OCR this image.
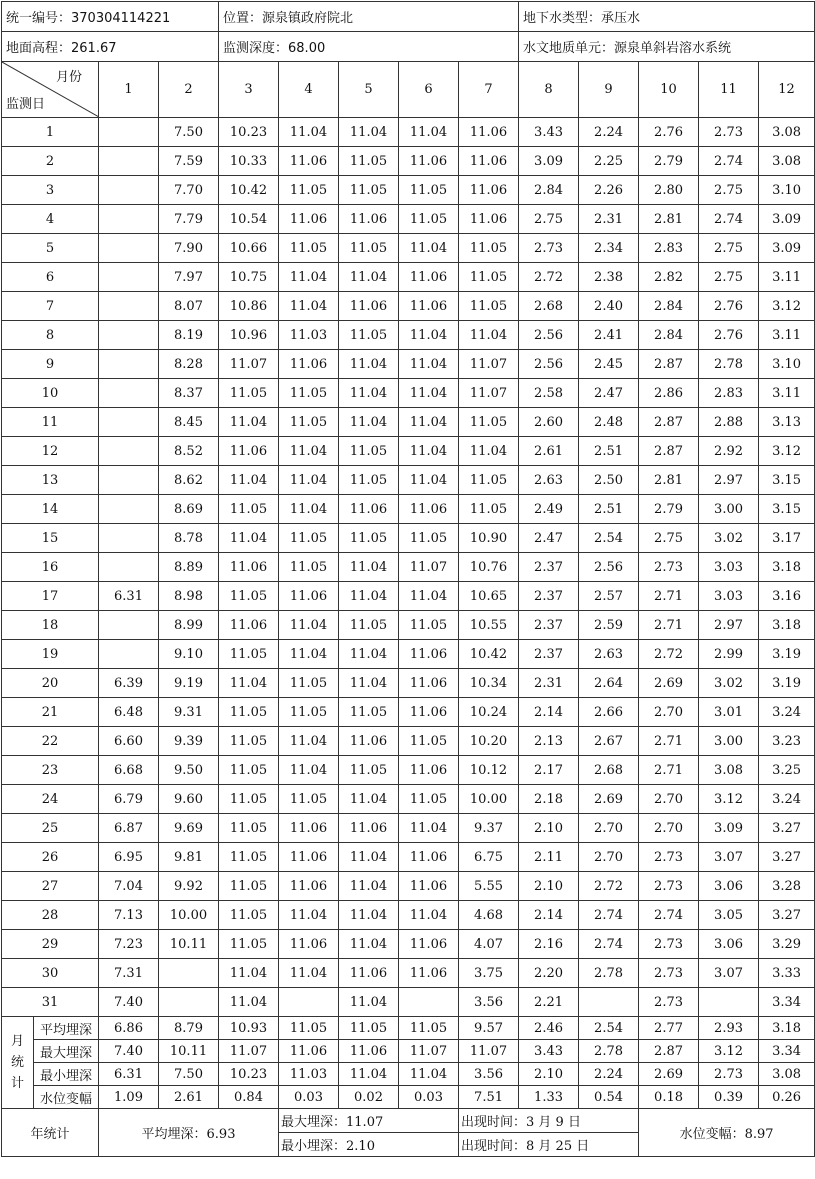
统一编号：370304114221				位置：源泉镇政府院北					地下水类型：承压水				
地面高程：261.67				监测深度：68.00					水文地质单元：源泉单斜岩溶水系统				

月份
监测日		1	2	3	4	5	6	7	8	9	10	11	12
1			7.50	10.23	11.04	11.04	11.04	11.06	3.43	2.24	2.76	2.73	3.08
2			7.59	10.33	11.06	11.05	11.06	11.06	3.09	2.25	2.79	2.74	3.08
3			7.70	10.42	11.05	11.05	11.05	11.06	2.84	2.26	2.80	2.75	3.10
4			7.79	10.54	11.06	11.06	11.05	11.06	2.75	2.31	2.81	2.74	3.09
5			7.90	10.66	11.05	11.05	11.04	11.05	2.73	2.34	2.83	2.75	3.09
6			7.97	10.75	11.04	11.04	11.06	11.05	2.72	2.38	2.82	2.75	3.11
7			8.07	10.86	11.04	11.06	11.06	11.05	2.68	2.40	2.84	2.76	3.12
8			8.19	10.96	11.03	11.05	11.04	11.04	2.56	2.41	2.84	2.76	3.11
9			8.28	11.07	11.06	11.04	11.04	11.07	2.56	2.45	2.87	2.78	3.10
10			8.37	11.05	11.05	11.04	11.04	11.07	2.58	2.47	2.86	2.83	3.11
11			8.45	11.04	11.05	11.04	11.04	11.05	2.60	2.48	2.87	2.88	3.13
12			8.52	11.06	11.04	11.05	11.04	11.04	2.61	2.51	2.87	2.92	3.12
13			8.62	11.04	11.04	11.05	11.04	11.05	2.63	2.50	2.81	2.97	3.15
14			8.69	11.05	11.04	11.06	11.06	11.05	2.49	2.51	2.79	3.00	3.15
15			8.78	11.04	11.05	11.05	11.05	10.90	2.47	2.54	2.75	3.02	3.17
16			8.89	11.06	11.05	11.04	11.07	10.76	2.37	2.56	2.73	3.03	3.18
17		6.31	8.98	11.05	11.06	11.04	11.04	10.65	2.37	2.57	2.71	3.03	3.16
18			8.99	11.06	11.04	11.05	11.05	10.55	2.37	2.59	2.71	2.97	3.18
19			9.10	11.05	11.04	11.04	11.06	10.42	2.37	2.63	2.72	2.99	3.19
20		6.39	9.19	11.04	11.05	11.04	11.06	10.34	2.31	2.64	2.69	3.02	3.19
21		6.48	9.31	11.05	11.05	11.05	11.06	10.24	2.14	2.66	2.70	3.01	3.24
22		6.60	9.39	11.05	11.04	11.06	11.05	10.20	2.13	2.67	2.71	3.00	3.23
23		6.68	9.50	11.05	11.04	11.05	11.06	10.12	2.17	2.68	2.71	3.08	3.25
24		6.79	9.60	11.05	11.05	11.04	11.05	10.00	2.18	2.69	2.70	3.12	3.24
25		6.87	9.69	11.05	11.06	11.06	11.04	9.37	2.10	2.70	2.70	3.09	3.27
26		6.95	9.81	11.05	11.06	11.04	11.06	6.75	2.11	2.70	2.73	3.07	3.27
27		7.04	9.92	11.05	11.06	11.04	11.06	5.55	2.10	2.72	2.73	3.06	3.28
28		7.13	10.00	11.05	11.04	11.04	11.04	4.68	2.14	2.74	2.74	3.05	3.27
29		7.23	10.11	11.05	11.06	11.04	11.06	4.07	2.16	2.74	2.73	3.06	3.29
30		7.31		11.04	11.04	11.06	11.06	3.75	2.20	2.78	2.73	3.07	3.33
31		7.40		11.04		11.04		3.56	2.21		2.73		3.34

月
统
计	平均埋深	6.86	8.79	10.93	11.05	11.05	11.05	9.57	2.46	2.54	2.77	2.93	3.18
	最大埋深	7.40	10.11	11.07	11.06	11.06	11.07	11.07	3.43	2.78	2.87	3.12	3.34
	最小埋深	6.31	7.50	10.23	11.03	11.04	11.04	3.56	2.10	2.24	2.69	2.73	3.08
	水位变幅	1.09	2.61	0.84	0.03	0.02	0.03	7.51	1.33	0.54	0.18	0.39	0.26
年统计		平均埋深：6.93			最大埋深：11.07			出现时间：3 月 9 日			水位变幅：8.97		
					最小埋深：2.10			出现时间：8 月 25 日					
